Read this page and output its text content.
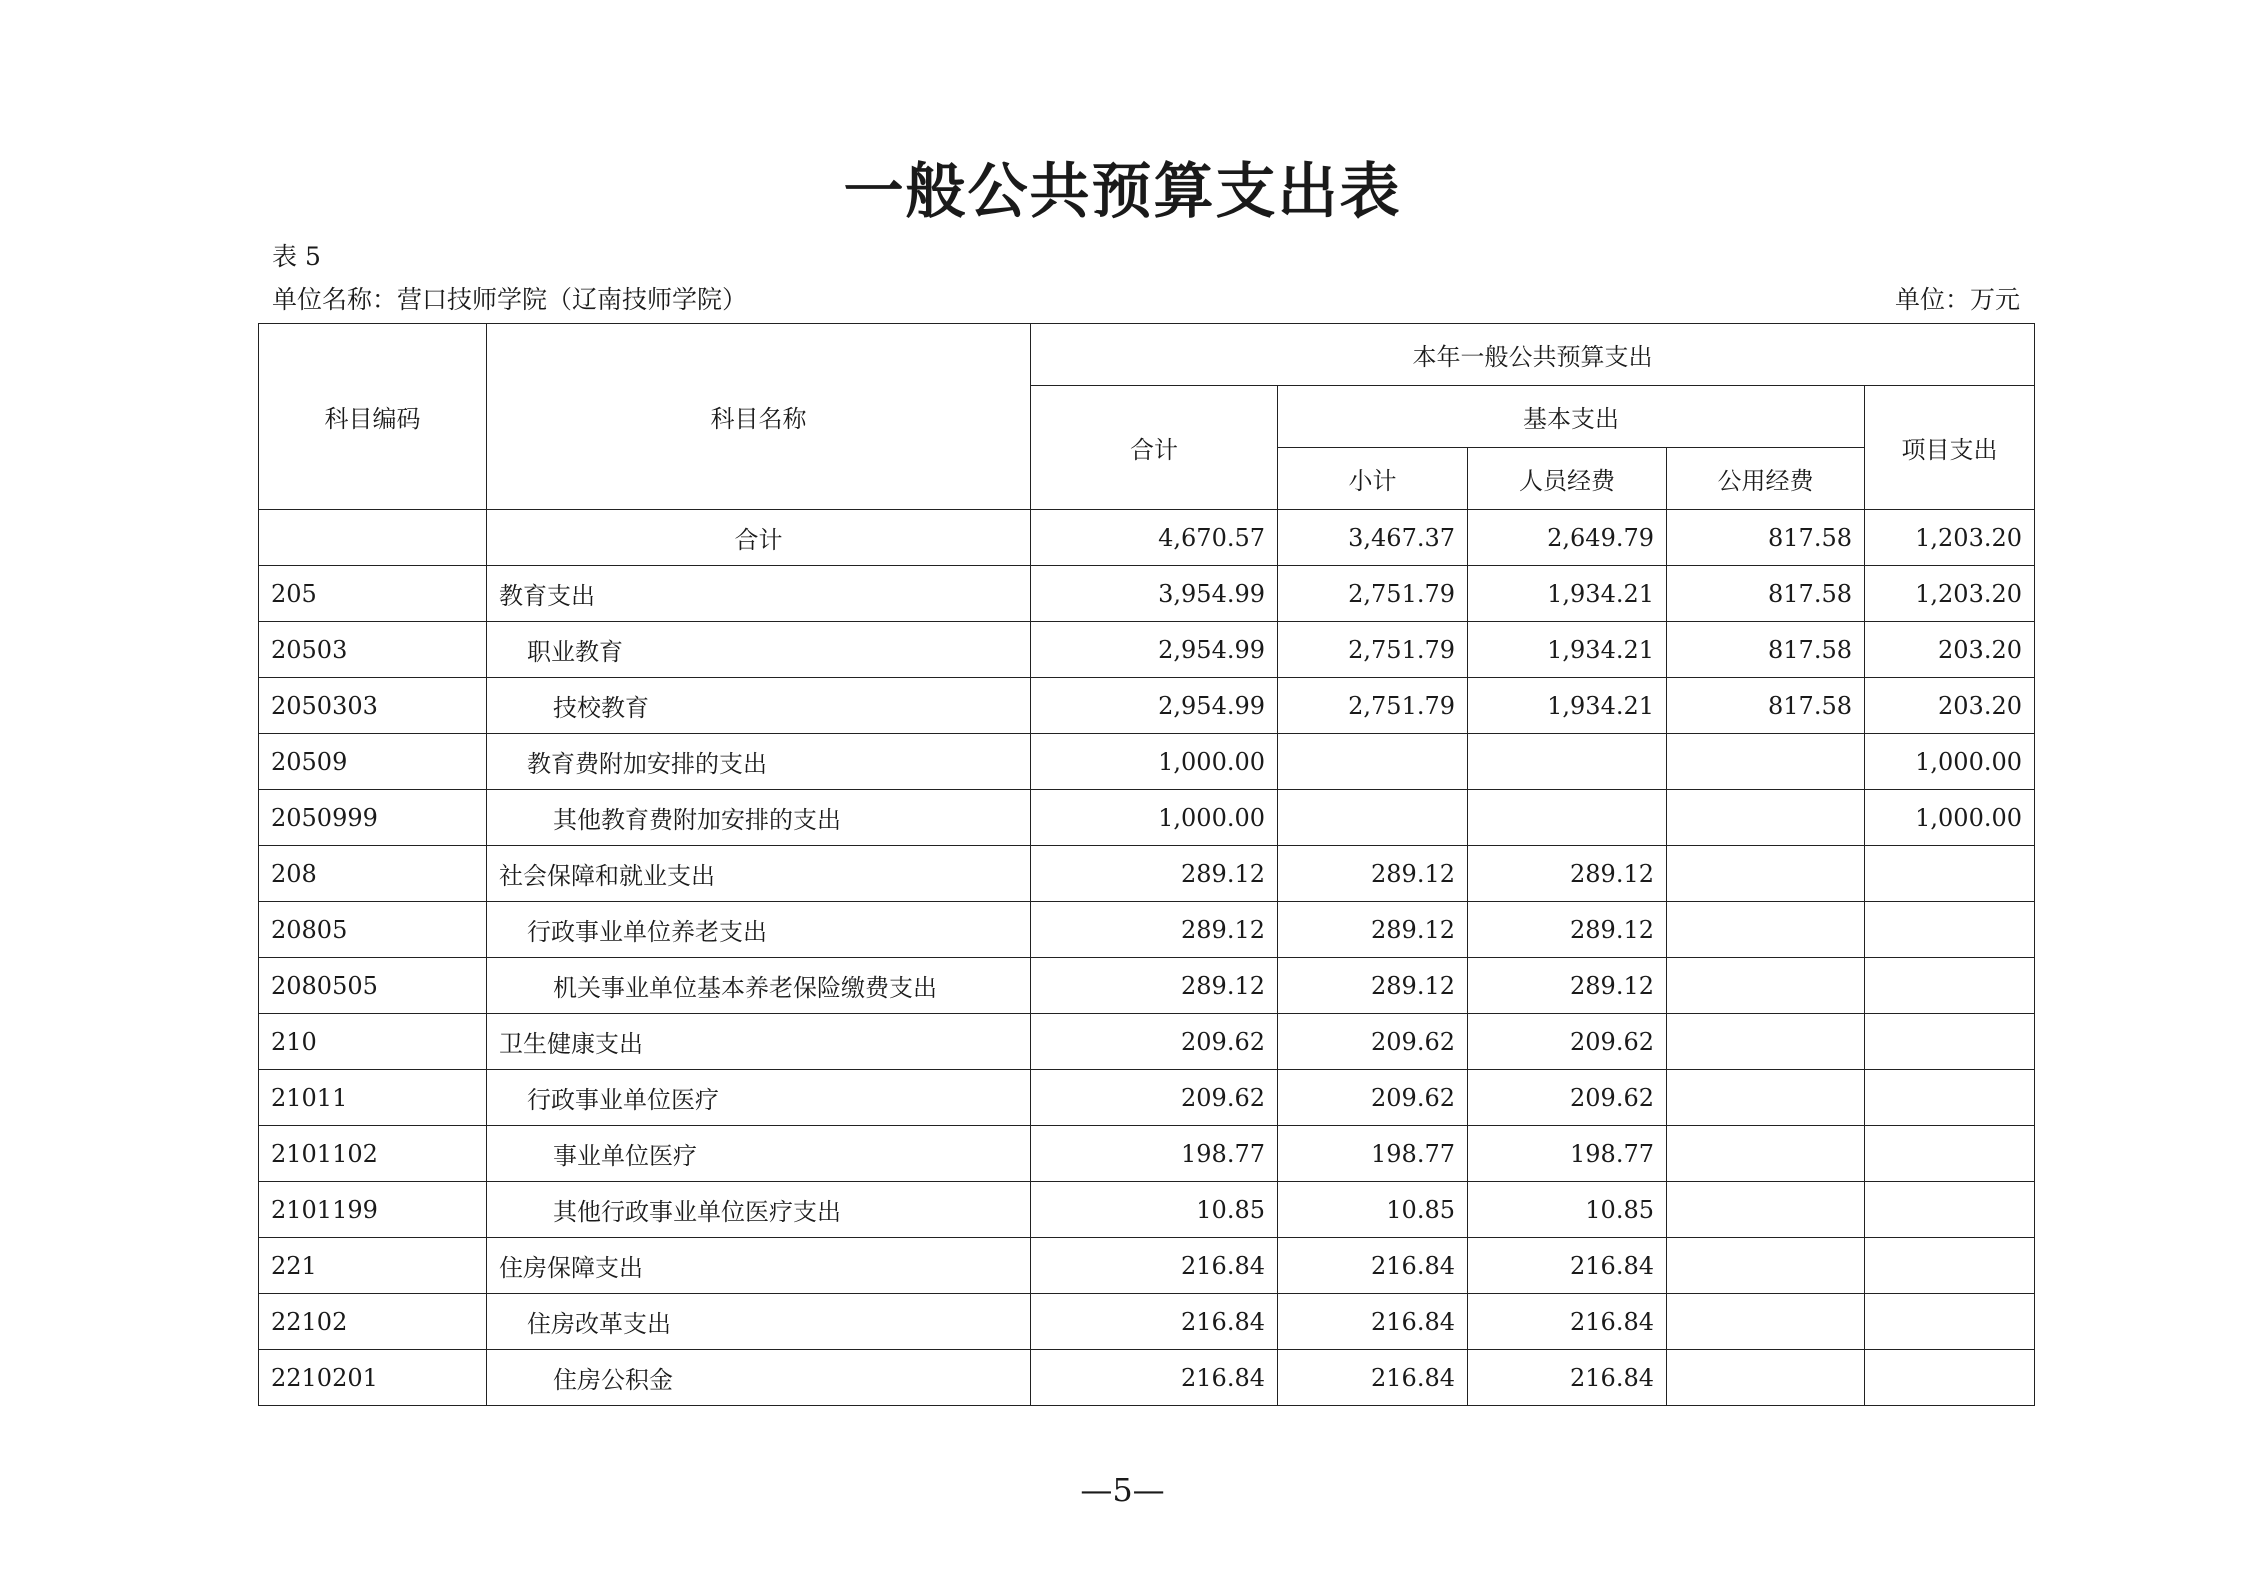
一般公共预算支出表
表 5
单位名称：营口技师学院（辽南技师学院）	单位：万元
科目编码	科目名称	本年一般公共预算支出				
		合计	基本支出			项目支出
			小计	人员经费	公用经费	
	合计	4,670.57	3,467.37	2,649.79	817.58	1,203.20
205	教育支出	3,954.99	2,751.79	1,934.21	817.58	1,203.20
20503	职业教育	2,954.99	2,751.79	1,934.21	817.58	203.20
2050303	技校教育	2,954.99	2,751.79	1,934.21	817.58	203.20
20509	教育费附加安排的支出	1,000.00				1,000.00
2050999	其他教育费附加安排的支出	1,000.00				1,000.00
208	社会保障和就业支出	289.12	289.12	289.12		
20805	行政事业单位养老支出	289.12	289.12	289.12		
2080505	机关事业单位基本养老保险缴费支出	289.12	289.12	289.12		
210	卫生健康支出	209.62	209.62	209.62		
21011	行政事业单位医疗	209.62	209.62	209.62		
2101102	事业单位医疗	198.77	198.77	198.77		
2101199	其他行政事业单位医疗支出	10.85	10.85	10.85		
221	住房保障支出	216.84	216.84	216.84		
22102	住房改革支出	216.84	216.84	216.84		
2210201	住房公积金	216.84	216.84	216.84		
—5—
